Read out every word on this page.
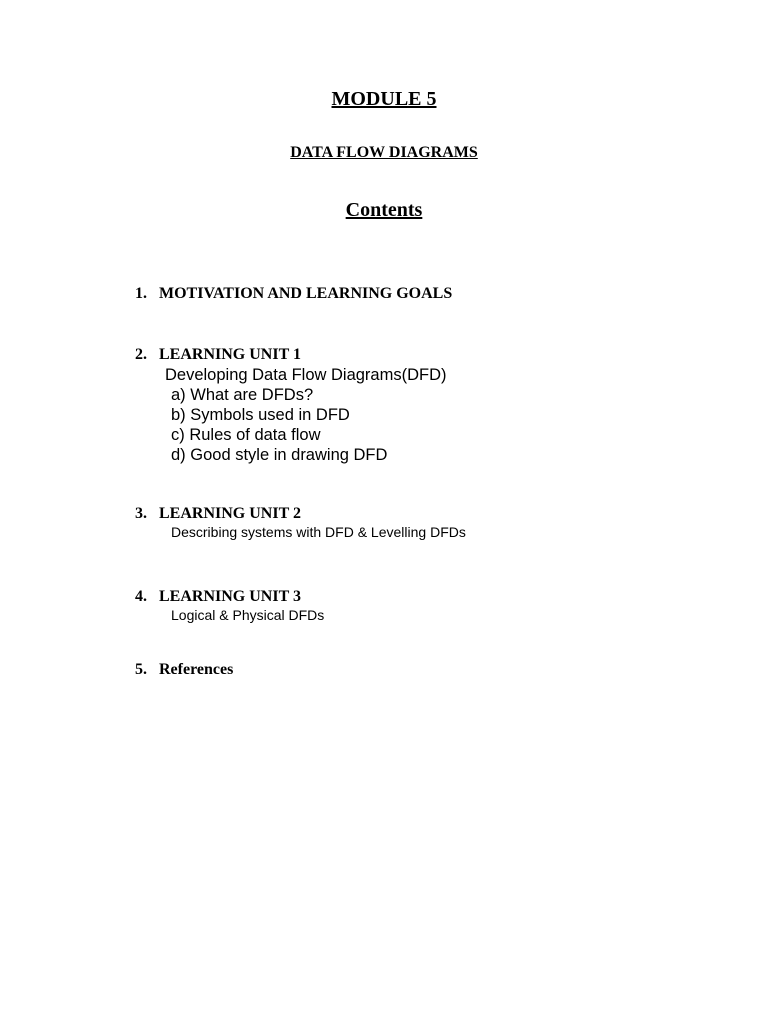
MODULE 5
DATA FLOW DIAGRAMS
Contents
1. MOTIVATION AND LEARNING GOALS
2. LEARNING UNIT 1
Developing Data Flow Diagrams(DFD)
a) What are DFDs?
b) Symbols used in DFD
c) Rules of data flow
d) Good style in drawing DFD
3. LEARNING UNIT 2
Describing systems with DFD & Levelling DFDs
4. LEARNING UNIT 3
Logical & Physical DFDs
5. References
